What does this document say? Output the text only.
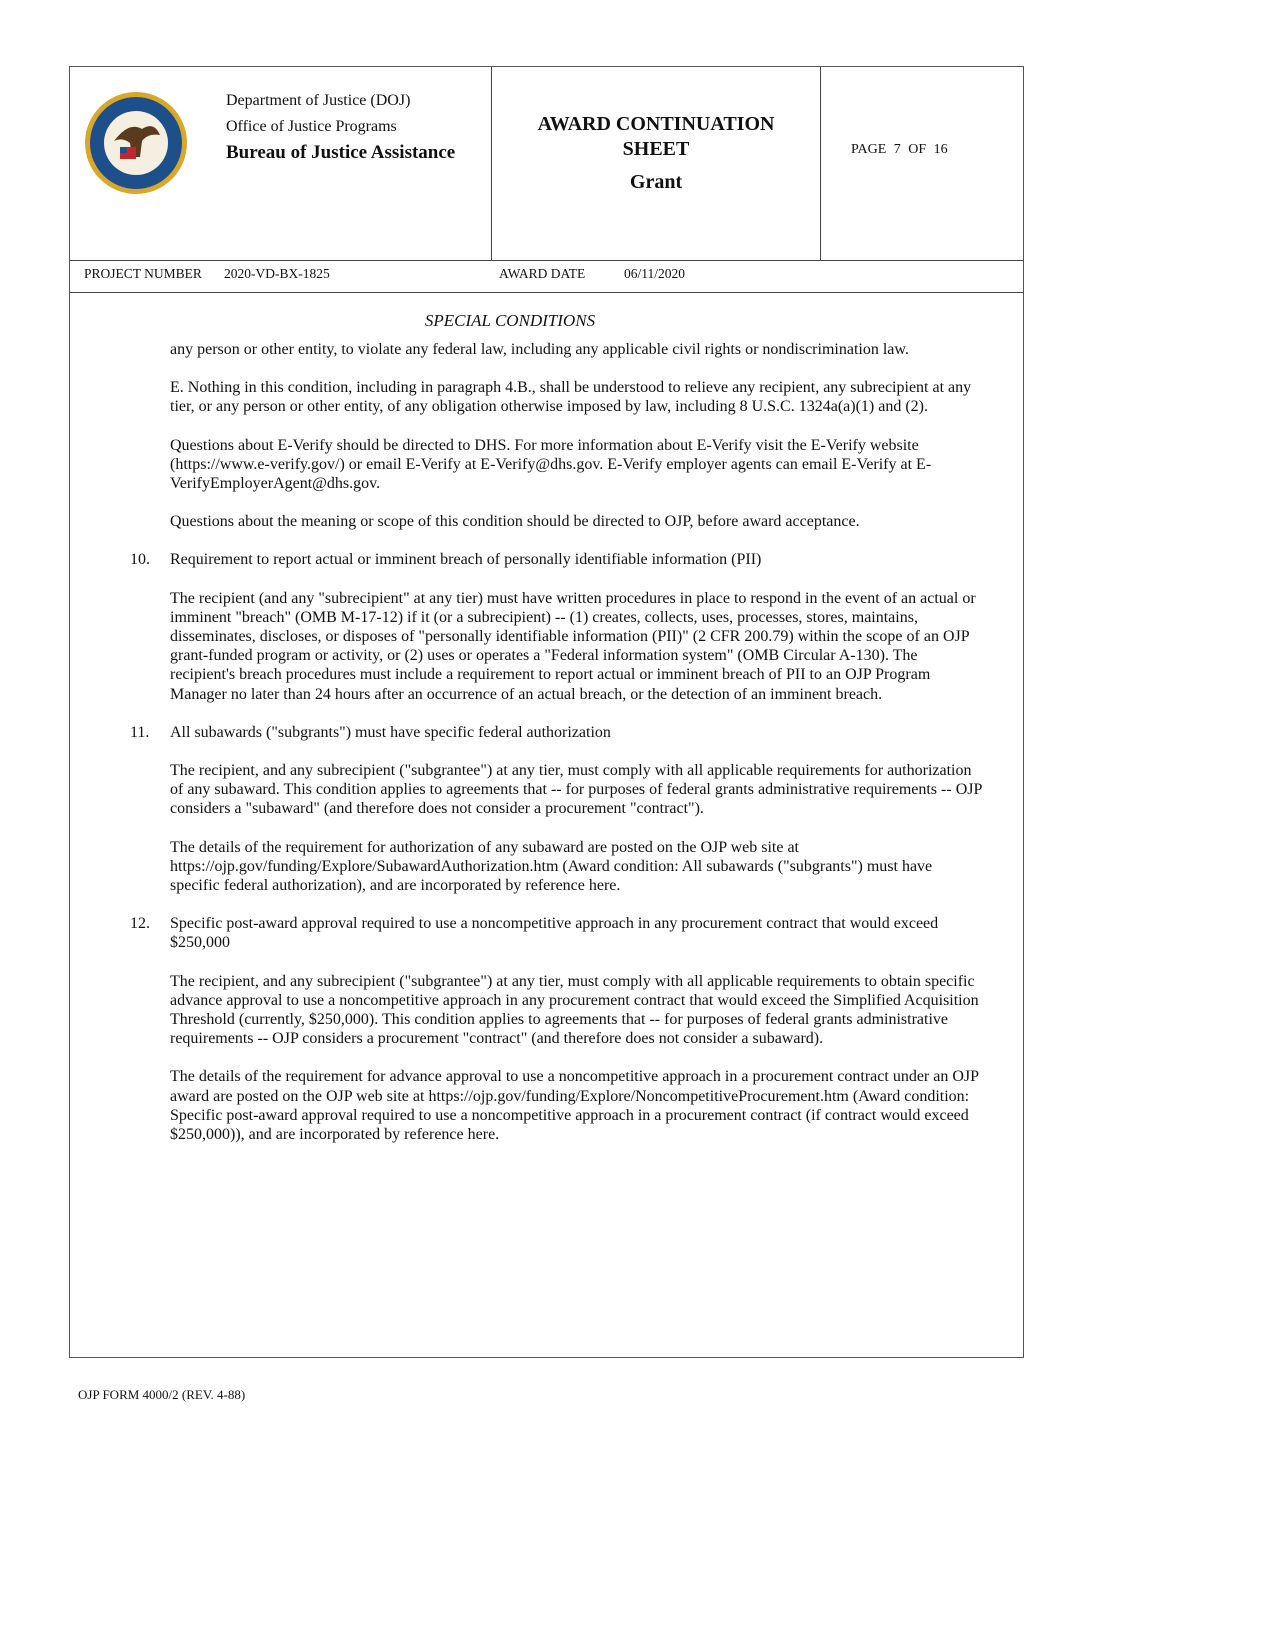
Department of Justice (DOJ)
Office of Justice Programs
Bureau of Justice Assistance
AWARD CONTINUATION
SHEET
Grant
PAGE 7 OF 16
PROJECT NUMBER 2020-VD-BX-1825	AWARD DATE	06/11/2020
SPECIAL CONDITIONS

any person or other entity, to violate any federal law, including any applicable civil rights or nondiscrimination law.

E. Nothing in this condition, including in paragraph 4.B., shall be understood to relieve any recipient, any subrecipient at any tier, or any person or other entity, of any obligation otherwise imposed by law, including 8 U.S.C. 1324a(a)(1) and (2).

Questions about E-Verify should be directed to DHS. For more information about E-Verify visit the E-Verify website (https://www.e-verify.gov/) or email E-Verify at E-Verify@dhs.gov. E-Verify employer agents can email E-Verify at E-VerifyEmployerAgent@dhs.gov.

Questions about the meaning or scope of this condition should be directed to OJP, before award acceptance.

10. Requirement to report actual or imminent breach of personally identifiable information (PII)

The recipient (and any "subrecipient" at any tier) must have written procedures in place to respond in the event of an actual or imminent "breach" (OMB M-17-12) if it (or a subrecipient) -- (1) creates, collects, uses, processes, stores, maintains, disseminates, discloses, or disposes of "personally identifiable information (PII)" (2 CFR 200.79) within the scope of an OJP grant-funded program or activity, or (2) uses or operates a "Federal information system" (OMB Circular A-130). The recipient's breach procedures must include a requirement to report actual or imminent breach of PII to an OJP Program Manager no later than 24 hours after an occurrence of an actual breach, or the detection of an imminent breach.

11. All subawards ("subgrants") must have specific federal authorization

The recipient, and any subrecipient ("subgrantee") at any tier, must comply with all applicable requirements for authorization of any subaward. This condition applies to agreements that -- for purposes of federal grants administrative requirements -- OJP considers a "subaward" (and therefore does not consider a procurement "contract").

The details of the requirement for authorization of any subaward are posted on the OJP web site at https://ojp.gov/funding/Explore/SubawardAuthorization.htm (Award condition: All subawards ("subgrants") must have specific federal authorization), and are incorporated by reference here.

12. Specific post-award approval required to use a noncompetitive approach in any procurement contract that would exceed $250,000

The recipient, and any subrecipient ("subgrantee") at any tier, must comply with all applicable requirements to obtain specific advance approval to use a noncompetitive approach in any procurement contract that would exceed the Simplified Acquisition Threshold (currently, $250,000). This condition applies to agreements that -- for purposes of federal grants administrative requirements -- OJP considers a procurement "contract" (and therefore does not consider a subaward).

The details of the requirement for advance approval to use a noncompetitive approach in a procurement contract under an OJP award are posted on the OJP web site at https://ojp.gov/funding/Explore/NoncompetitiveProcurement.htm (Award condition: Specific post-award approval required to use a noncompetitive approach in a procurement contract (if contract would exceed $250,000)), and are incorporated by reference here.

OJP FORM 4000/2 (REV. 4-88)
